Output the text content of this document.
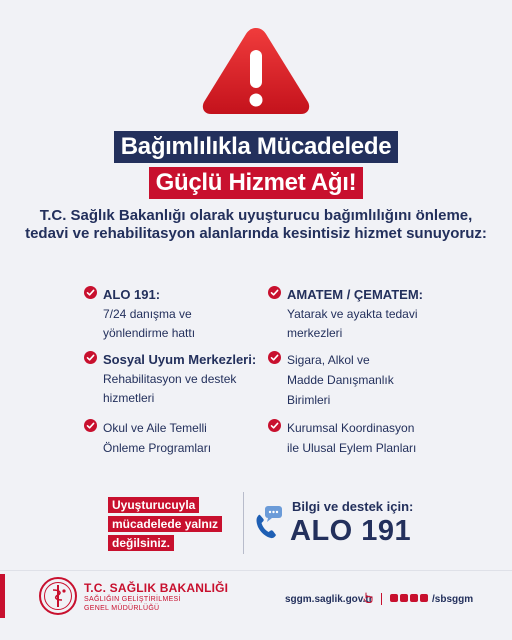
Bağımlılıkla Mücadelede
Güçlü Hizmet Ağı!
T.C. Sağlık Bakanlığı olarak uyuşturucu bağımlılığını önleme, tedavi ve rehabilitasyon alanlarında kesintisiz hizmet sunuyoruz:
ALO 191:
7/24 danışma ve yönlendirme hattı
AMATEM / ÇEMATEM:
Yatarak ve ayakta tedavi merkezleri
Sosyal Uyum Merkezleri:
Rehabilitasyon ve destek hizmetleri
Sigara, Alkol ve Madde Danışmanlık Birimleri
Okul ve Aile Temelli Önleme Programları
Kurumsal Koordinasyon ile Ulusal Eylem Planları
Uyuşturucuyla
mücadelede yalnız
değilsiniz.
Bilgi ve destek için:
ALO 191
T.C. SAĞLIK BAKANLIĞI
SAĞLIĞIN GELİŞTİRİLMESİ
GENEL MÜDÜRLÜĞÜ
sggm.saglik.gov.tr	/sbsggm
